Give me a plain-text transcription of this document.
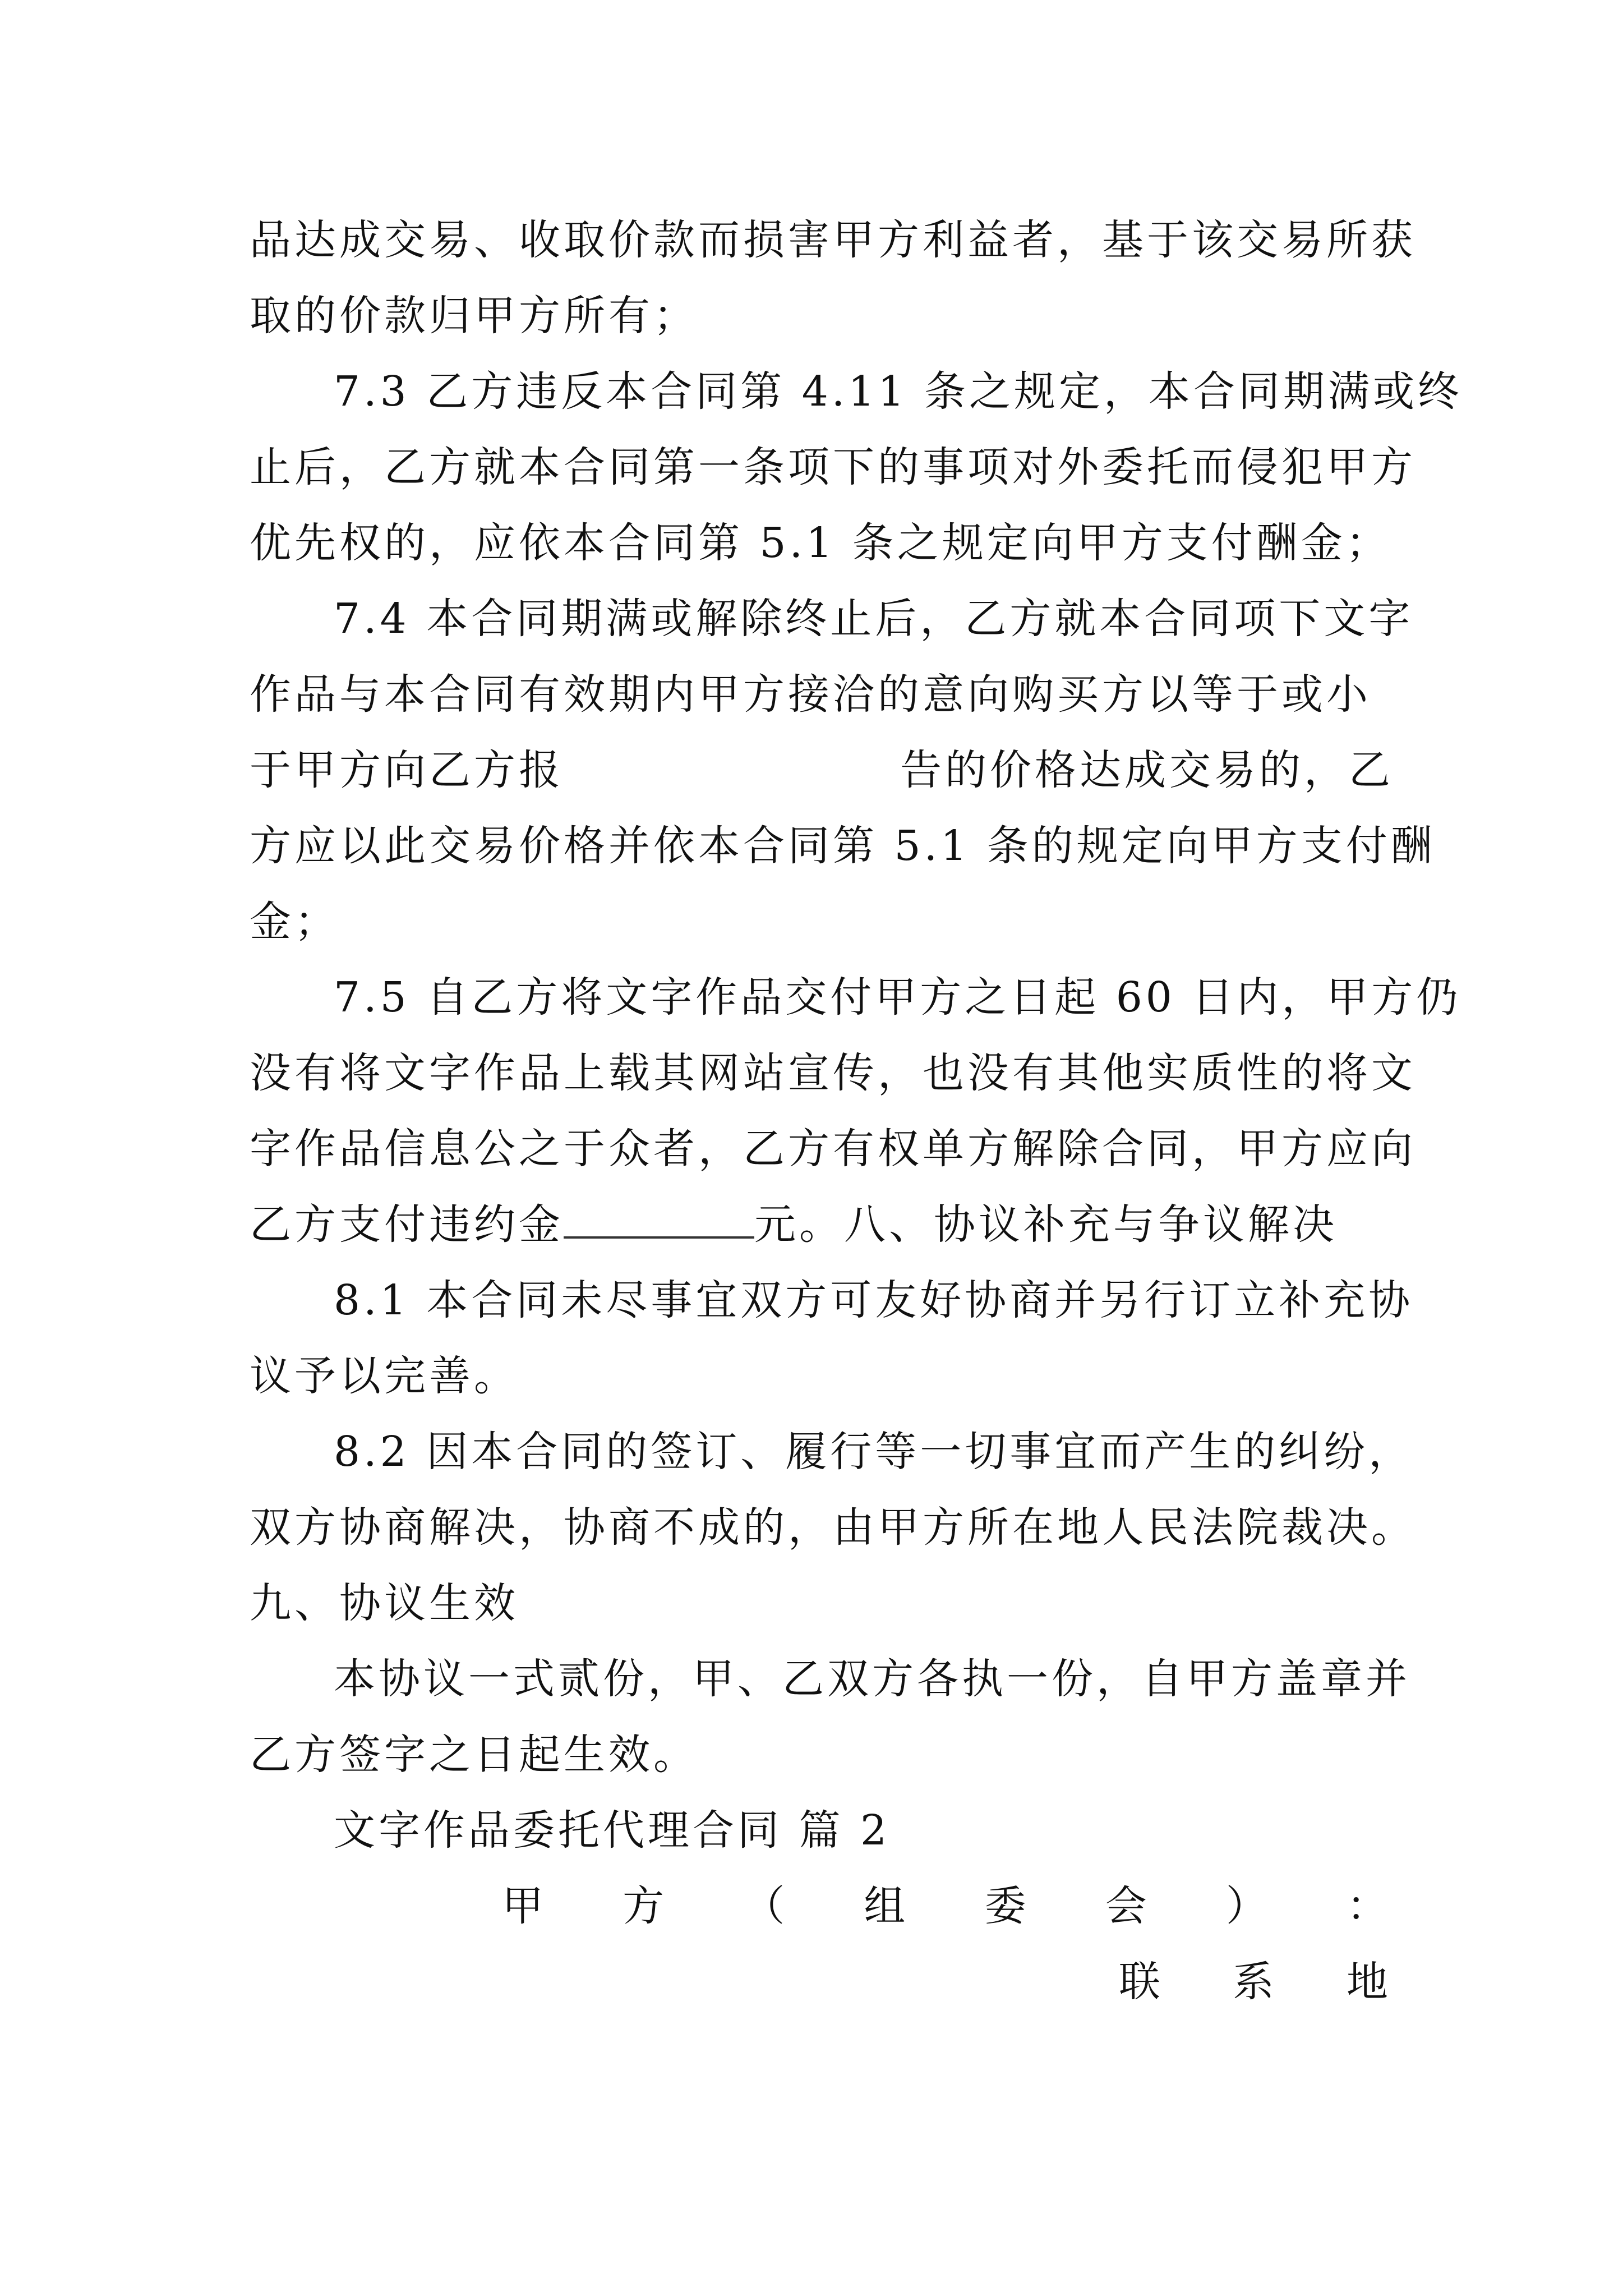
品达成交易、收取价款而损害甲方利益者，基于该交易所获
取的价款归甲方所有；
7.3 乙方违反本合同第 4.11 条之规定，本合同期满或终
止后，乙方就本合同第一条项下的事项对外委托而侵犯甲方
优先权的，应依本合同第 5.1 条之规定向甲方支付酬金；
7.4 本合同期满或解除终止后，乙方就本合同项下文字
作品与本合同有效期内甲方接洽的意向购买方以等于或小
于甲方向乙方报	告的价格达成交易的，乙
方应以此交易价格并依本合同第 5.1 条的规定向甲方支付酬
金；
7.5 自乙方将文字作品交付甲方之日起 60 日内，甲方仍
没有将文字作品上载其网站宣传，也没有其他实质性的将文
字作品信息公之于众者，乙方有权单方解除合同，甲方应向
乙方支付违约金	元。八、协议补充与争议解决
8.1 本合同未尽事宜双方可友好协商并另行订立补充协
议予以完善。
8.2 因本合同的签订、履行等一切事宜而产生的纠纷，
双方协商解决，协商不成的，由甲方所在地人民法院裁决。
九、协议生效
本协议一式贰份，甲、乙双方各执一份，自甲方盖章并
乙方签字之日起生效。
文字作品委托代理合同 篇 2
甲 方 （ 组 委 会 ） ：
联 系 地
